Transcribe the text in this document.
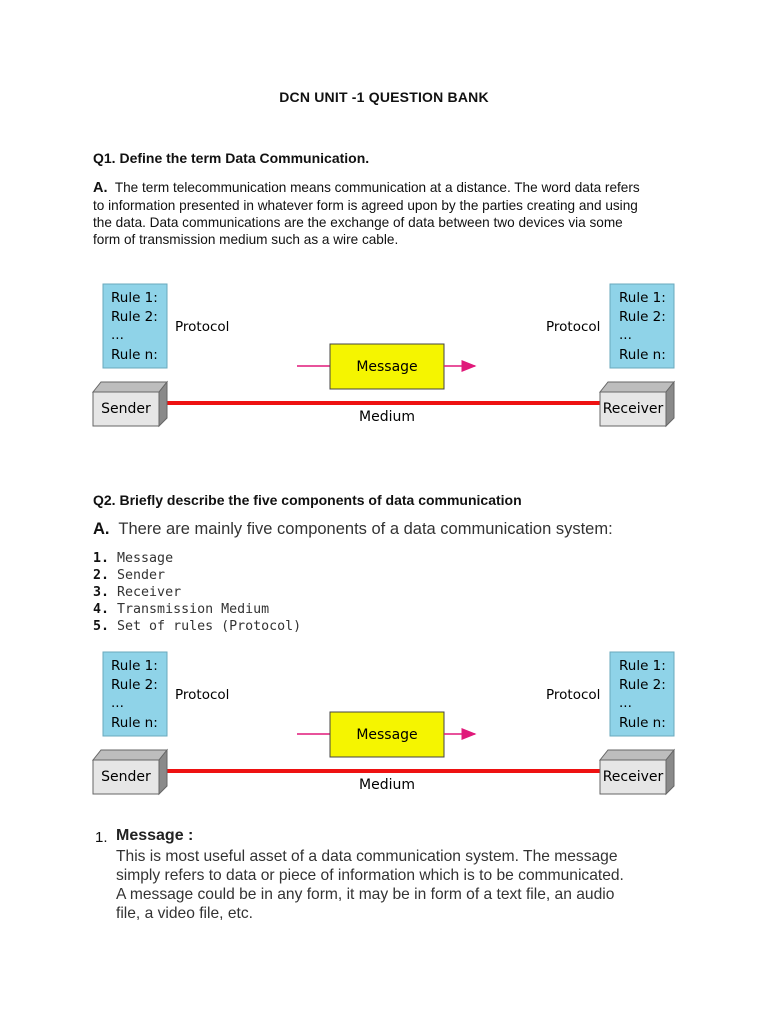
DCN UNIT -1 QUESTION BANK
Q1. Define the term Data Communication.
A. The term telecommunication means communication at a distance. The word data refers
to information presented in whatever form is agreed upon by the parties creating and using
the data. Data communications are the exchange of data between two devices via some
form of transmission medium such as a wire cable.
Rule 1:
Rule 2:
...
Rule n:
Protocol
Rule 1:
Rule 2:
...
Rule n:
Protocol
Message
Medium
Sender	Receiver
Q2. Briefly describe the five components of data communication
A. There are mainly five components of a data communication system:
1. Message
2. Sender
3. Receiver
4. Transmission Medium
5. Set of rules (Protocol)
Rule 1:
Rule 2:
...
Rule n:
Protocol
Rule 1:
Rule 2:
...
Rule n:
Protocol
Message
Medium
Sender	Receiver
1. Message :
This is most useful asset of a data communication system. The message
simply refers to data or piece of information which is to be communicated.
A message could be in any form, it may be in form of a text file, an audio
file, a video file, etc.
